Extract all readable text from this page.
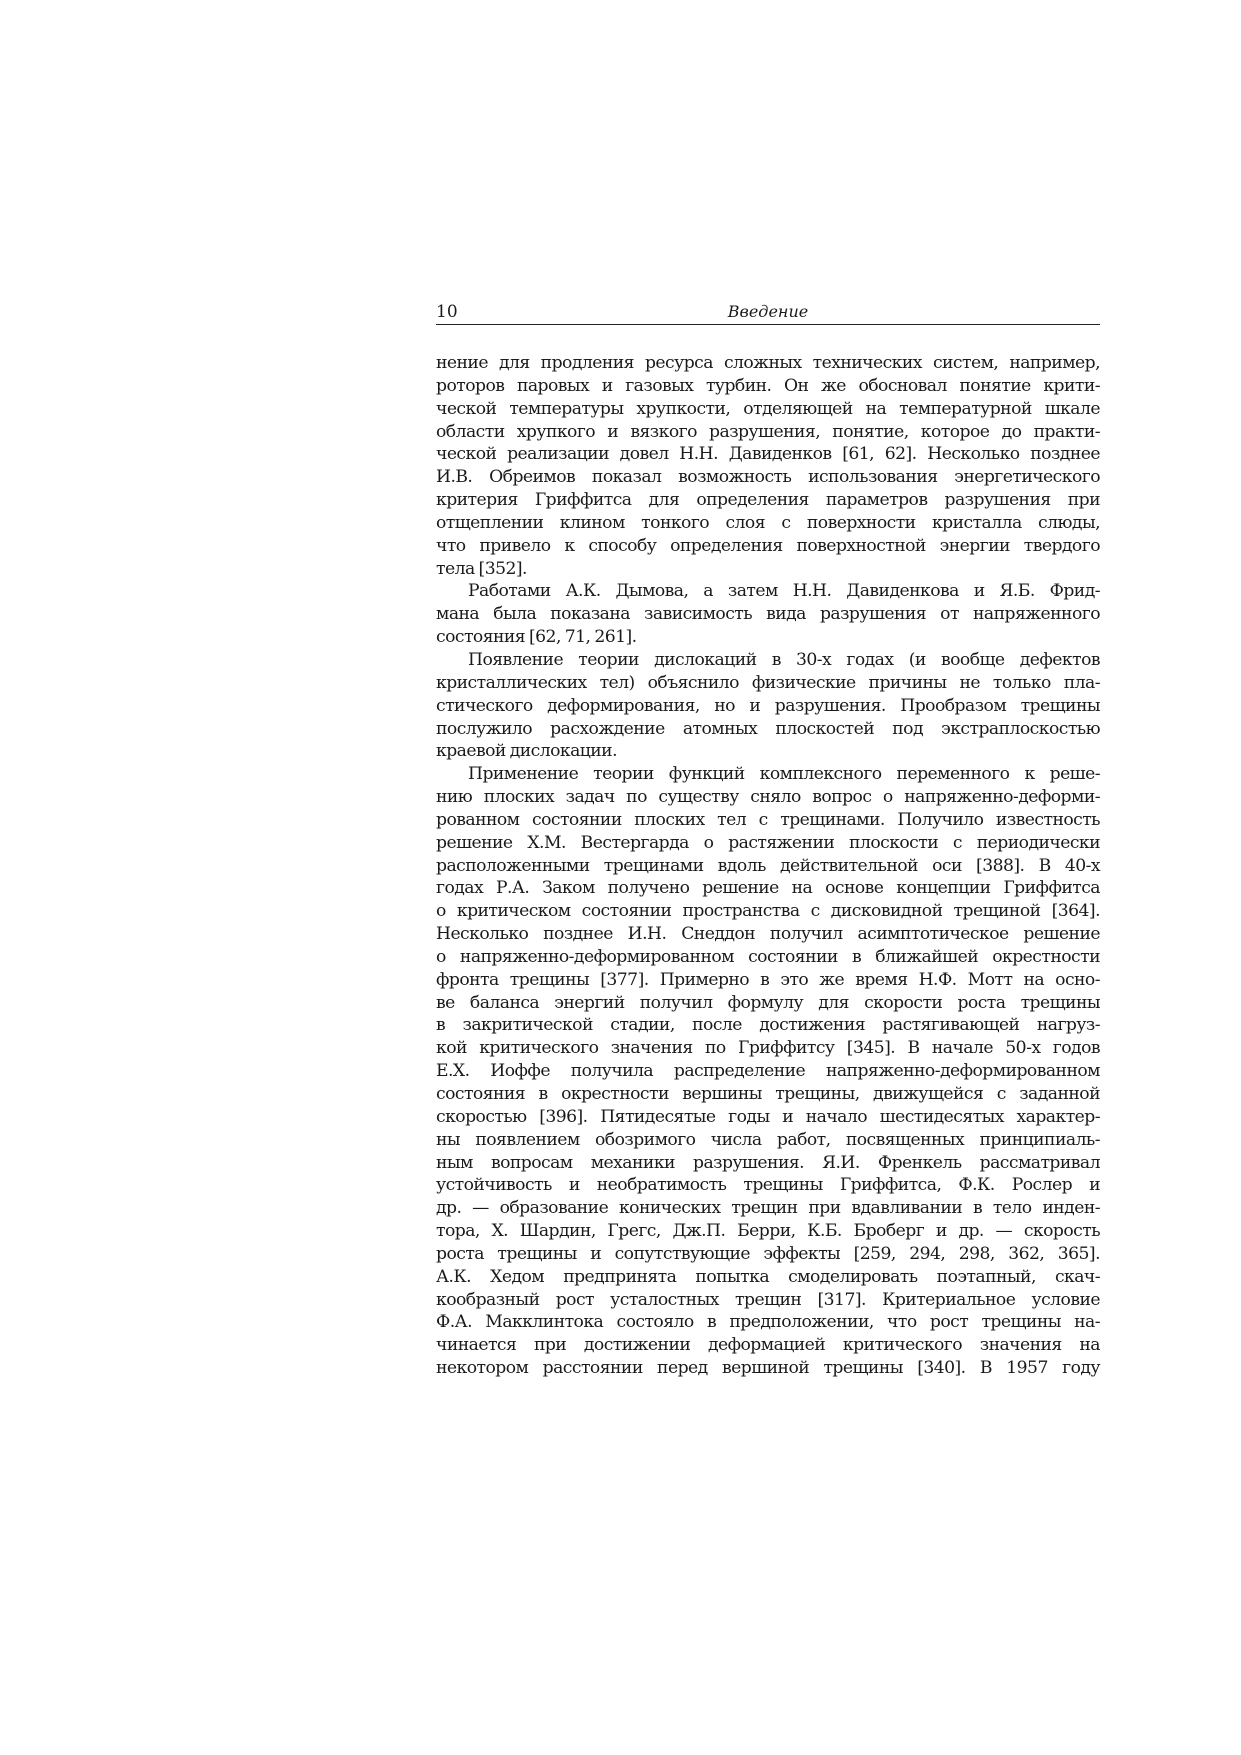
10	Введение
нение для продления ресурса сложных технических систем, например,
роторов паровых и газовых турбин. Он же обосновал понятие крити-
ческой температуры хрупкости, отделяющей на температурной шкале
области хрупкого и вязкого разрушения, понятие, которое до практи-
ческой реализации довел Н.Н. Давиденков [61, 62]. Несколько позднее
И.В. Обреимов показал возможность использования энергетического
критерия Гриффитса для определения параметров разрушения при
отщеплении клином тонкого слоя с поверхности кристалла слюды,
что привело к способу определения поверхностной энергии твердого
тела [352].
Работами А.К. Дымова, а затем Н.Н. Давиденкова и Я.Б. Фрид-
мана была показана зависимость вида разрушения от напряженного
состояния [62, 71, 261].
Появление теории дислокаций в 30-х годах (и вообще дефектов
кристаллических тел) объяснило физические причины не только пла-
стического деформирования, но и разрушения. Прообразом трещины
послужило расхождение атомных плоскостей под экстраплоскостью
краевой дислокации.
Применение теории функций комплексного переменного к реше-
нию плоских задач по существу сняло вопрос о напряженно-деформи-
рованном состоянии плоских тел с трещинами. Получило известность
решение Х.М. Вестергарда о растяжении плоскости с периодически
расположенными трещинами вдоль действительной оси [388]. В 40-х
годах Р.А. Заком получено решение на основе концепции Гриффитса
о критическом состоянии пространства с дисковидной трещиной [364].
Несколько позднее И.Н. Снеддон получил асимптотическое решение
о напряженно-деформированном состоянии в ближайшей окрестности
фронта трещины [377]. Примерно в это же время Н.Ф. Мотт на осно-
ве баланса энергий получил формулу для скорости роста трещины
в закритической стадии, после достижения растягивающей нагруз-
кой критического значения по Гриффитсу [345]. В начале 50-х годов
Е.Х. Иоффе получила распределение напряженно-деформированном
состояния в окрестности вершины трещины, движущейся с заданной
скоростью [396]. Пятидесятые годы и начало шестидесятых характер-
ны появлением обозримого числа работ, посвященных принципиаль-
ным вопросам механики разрушения. Я.И. Френкель рассматривал
устойчивость и необратимость трещины Гриффитса, Ф.К. Рослер и
др. — образование конических трещин при вдавливании в тело инден-
тора, Х. Шардин, Грегс, Дж.П. Берри, К.Б. Броберг и др. — скорость
роста трещины и сопутствующие эффекты [259, 294, 298, 362, 365].
А.К. Хедом предпринята попытка смоделировать поэтапный, скач-
кообразный рост усталостных трещин [317]. Критериальное условие
Ф.А. Макклинтока состояло в предположении, что рост трещины на-
чинается при достижении деформацией критического значения на
некотором расстоянии перед вершиной трещины [340]. В 1957 году
